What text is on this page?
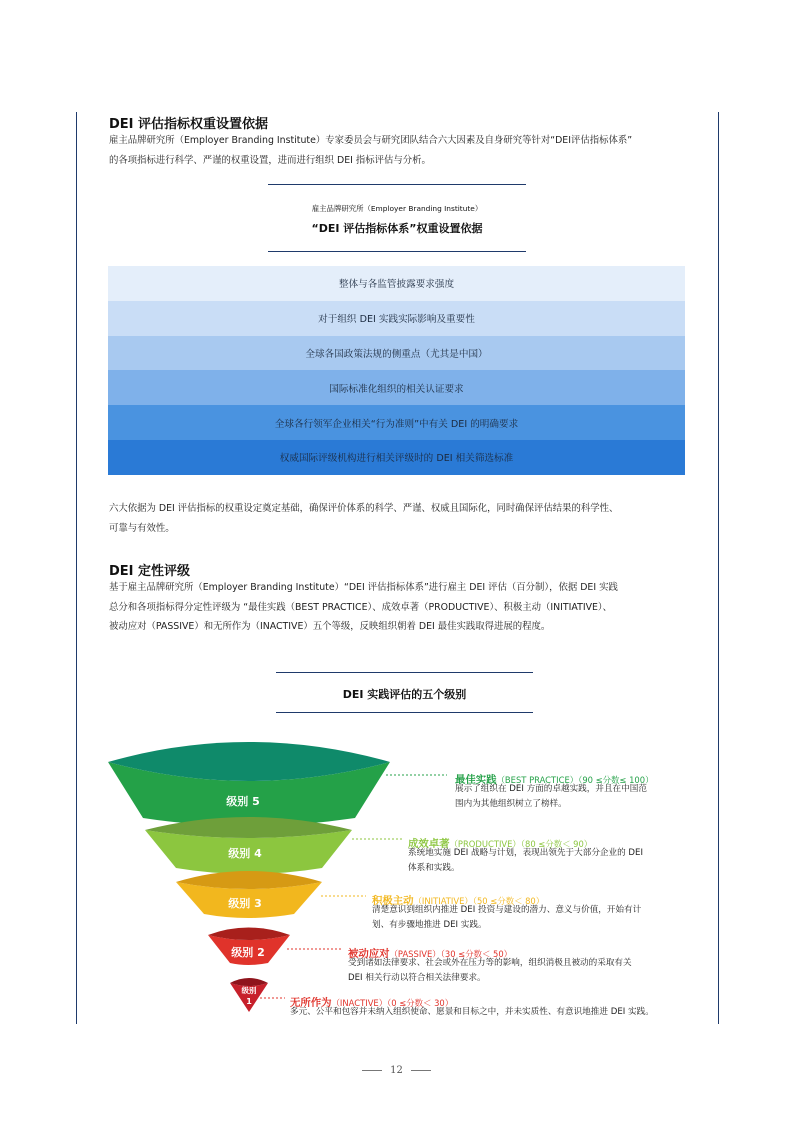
DEI 评估指标权重设置依据

雇主品牌研究所（Employer Branding Institute）专家委员会与研究团队结合六大因素及自身研究等针对“DEI评估指标体系”
的各项指标进行科学、严谨的权重设置，进而进行组织 DEI 指标评估与分析。

雇主品牌研究所（Employer Branding Institute）
“DEI 评估指标体系”权重设置依据
整体与各监管披露要求强度
对于组织 DEI 实践实际影响及重要性
全球各国政策法规的侧重点（尤其是中国）
国际标准化组织的相关认证要求
全球各行领军企业相关“行为准则”中有关 DEI 的明确要求
权威国际评级机构进行相关评级时的 DEI 相关筛选标准

六大依据为 DEI 评估指标的权重设定奠定基础，确保评价体系的科学、严谨、权威且国际化，同时确保评估结果的科学性、
可靠与有效性。

DEI 定性评级

基于雇主品牌研究所（Employer Branding Institute）“DEI 评估指标体系”进行雇主 DEI 评估（百分制），依据 DEI 实践
总分和各项指标得分定性评级为 “最佳实践（BEST PRACTICE）、成效卓著（PRODUCTIVE）、积极主动（INITIATIVE）、
被动应对（PASSIVE）和无所作为（INACTIVE）五个等级，反映组织朝着 DEI 最佳实践取得进展的程度。

DEI 实践评估的五个级别
级别 5
级别 4
级别 3
级别 2
级别
1
最佳实践（BEST PRACTICE）（90 ≤分数≤ 100）

展示了组织在 DEI 方面的卓越实践，并且在中国范
围内为其他组织树立了榜样。

成效卓著（PRODUCTIVE）（80 ≤分数＜ 90）

系统地实施 DEI 战略与计划，表现出领先于大部分企业的 DEI
体系和实践。

积极主动（INITIATIVE）（50 ≤分数＜ 80）

清楚意识到组织内推进 DEI 投资与建设的潜力、意义与价值，开始有计
划、有步骤地推进 DEI 实践。

被动应对（PASSIVE）（30 ≤分数＜ 50）

受到诸如法律要求、社会或外在压力等的影响，组织消极且被动的采取有关
DEI 相关行动以符合相关法律要求。

无所作为（INACTIVE）（0 ≤分数＜ 30）

多元、公平和包容并未纳入组织使命、愿景和目标之中，并未实质性、有意识地推进 DEI 实践。

12
